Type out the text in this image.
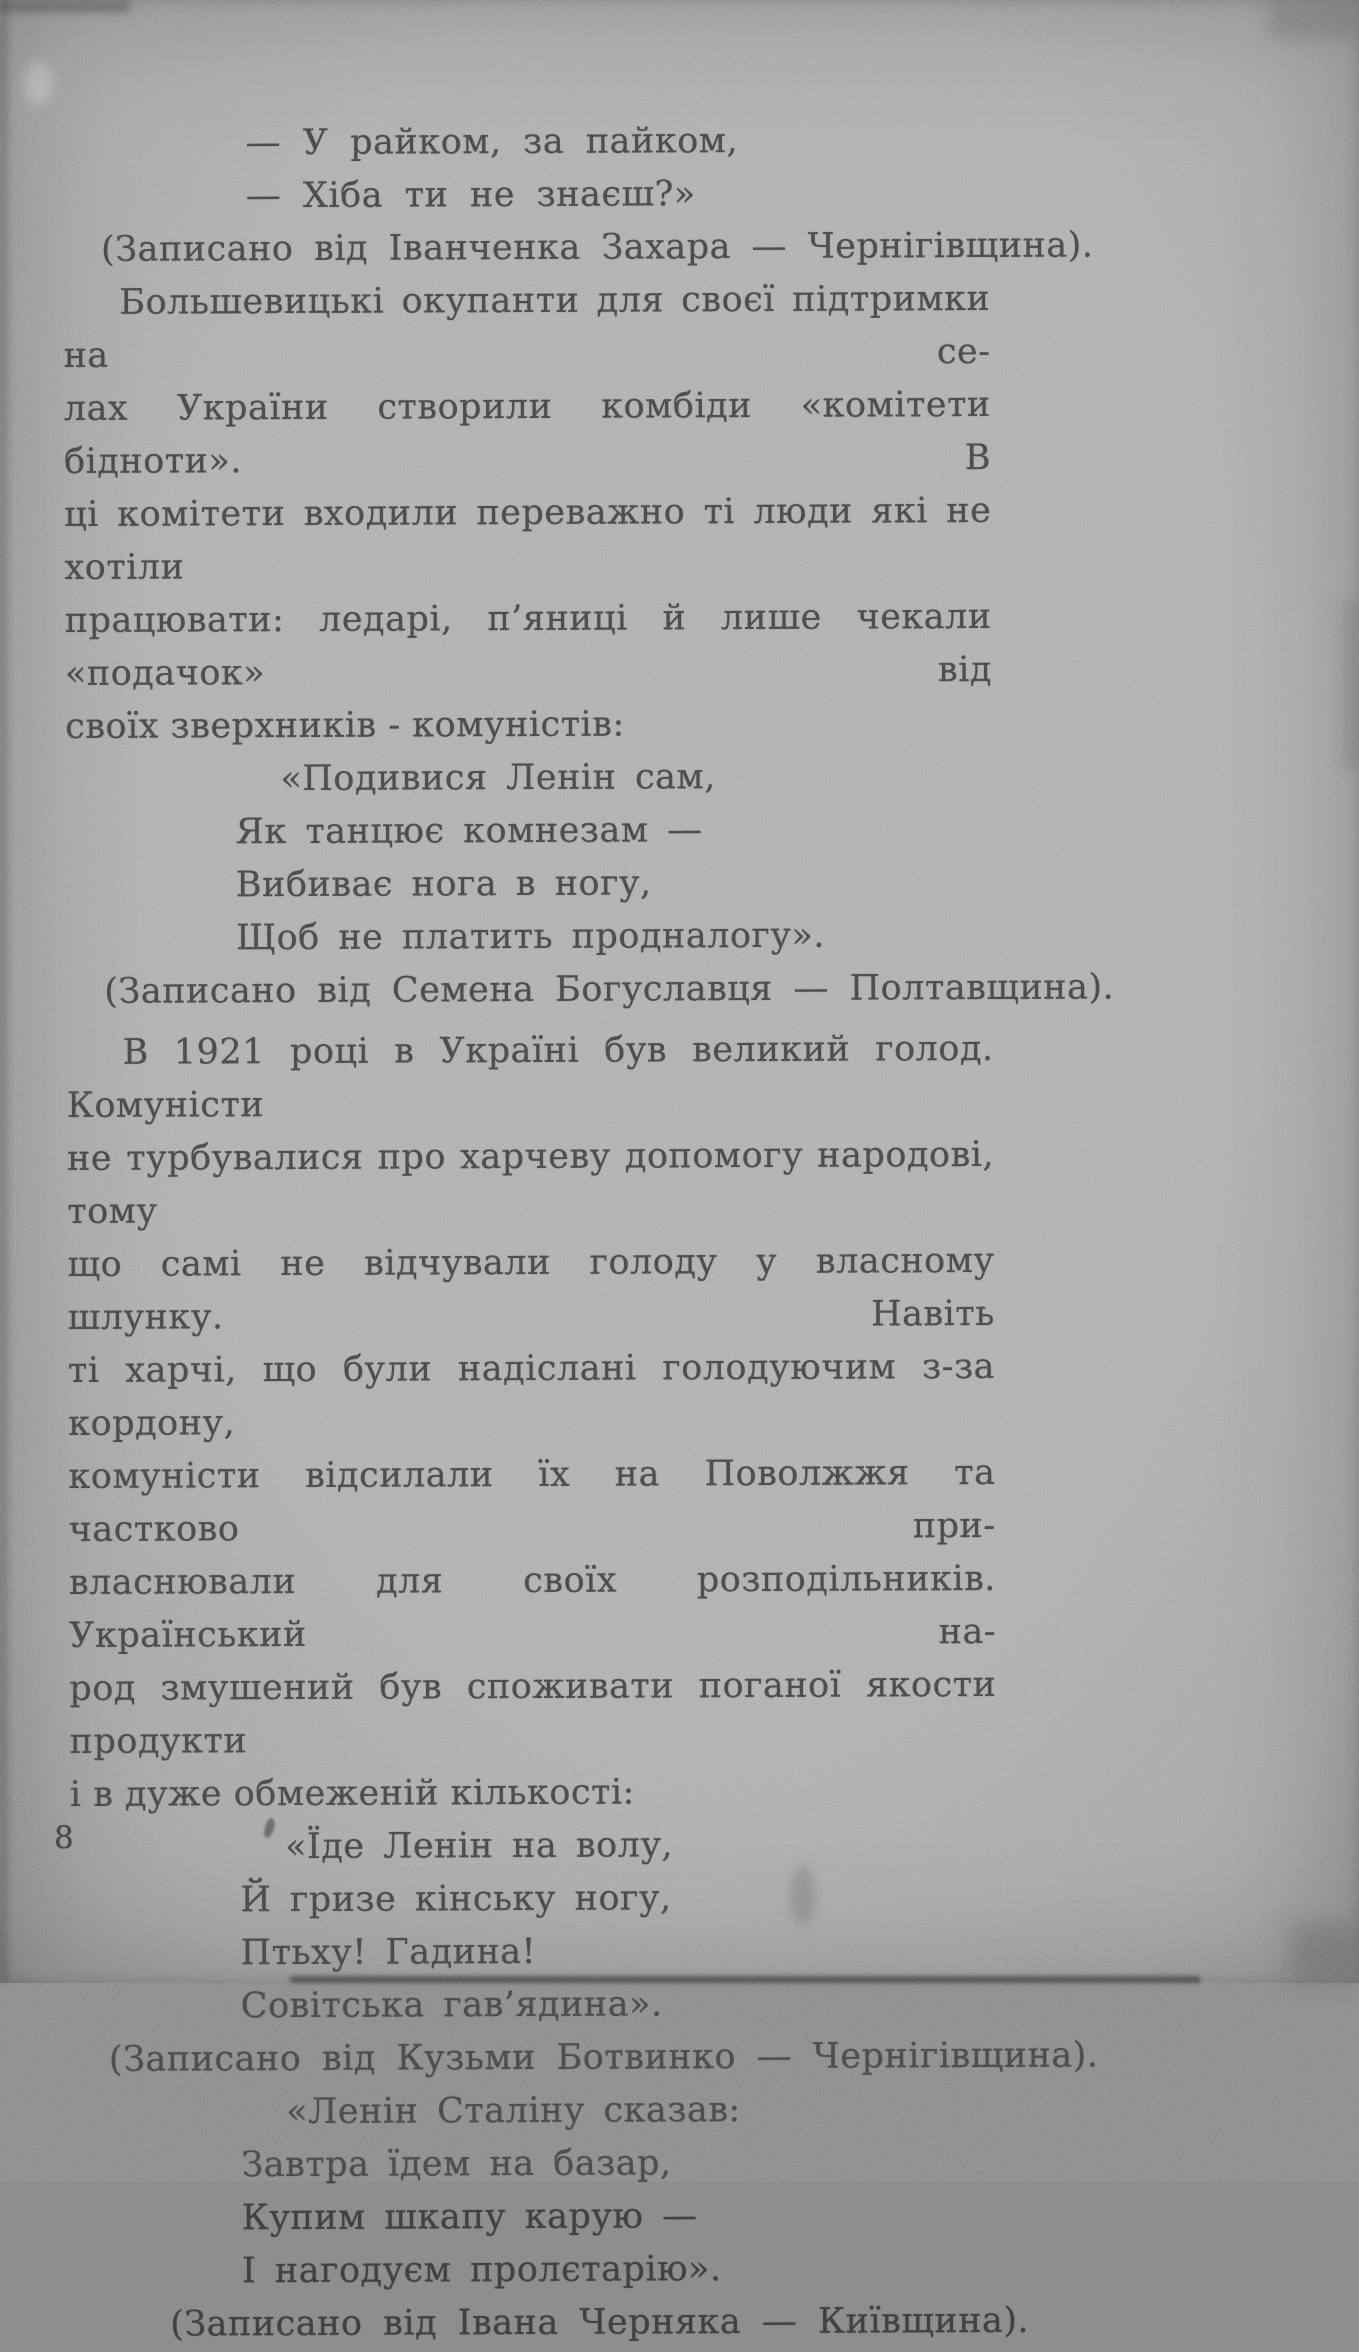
— У райком, за пайком,
— Хіба ти не знаєш?»
(Записано від Іванченка Захара — Чернігівщина).
Большевицькі окупанти для своєї підтримки на се-
лах України створили комбіди «комітети бідноти». В
ці комітети входили переважно ті люди які не хотіли
працювати: ледарі, п’яниці й лише чекали «подачок» від
своїх зверхників - комуністів:
«Подивися Ленін сам,
Як танцює комнезам —
Вибиває нога в ногу,
Щоб не платить продналогу».
(Записано від Семена Богуславця — Полтавщина).
В 1921 році в Україні був великий голод. Комуністи
не турбувалися про харчеву допомогу народові, тому
що самі не відчували голоду у власному шлунку. Навіть
ті харчі, що були надіслані голодуючим з-за кордону,
комуністи відсилали їх на Поволжжя та частково при-
власнювали для своїх розподільників. Український на-
род змушений був споживати поганої якости продукти
і в дуже обмеженій кількості:
«Їде Ленін на волу,
Й гризе кінську ногу,
Птьху! Гадина!
Совітська гав’ядина».
(Записано від Кузьми Ботвинко — Чернігівщина).
«Ленін Сталіну сказав:
Завтра їдем на базар,
Купим шкапу карую —
І нагодуєм пролєтарію».
(Записано від Івана Черняка — Київщина).
8
